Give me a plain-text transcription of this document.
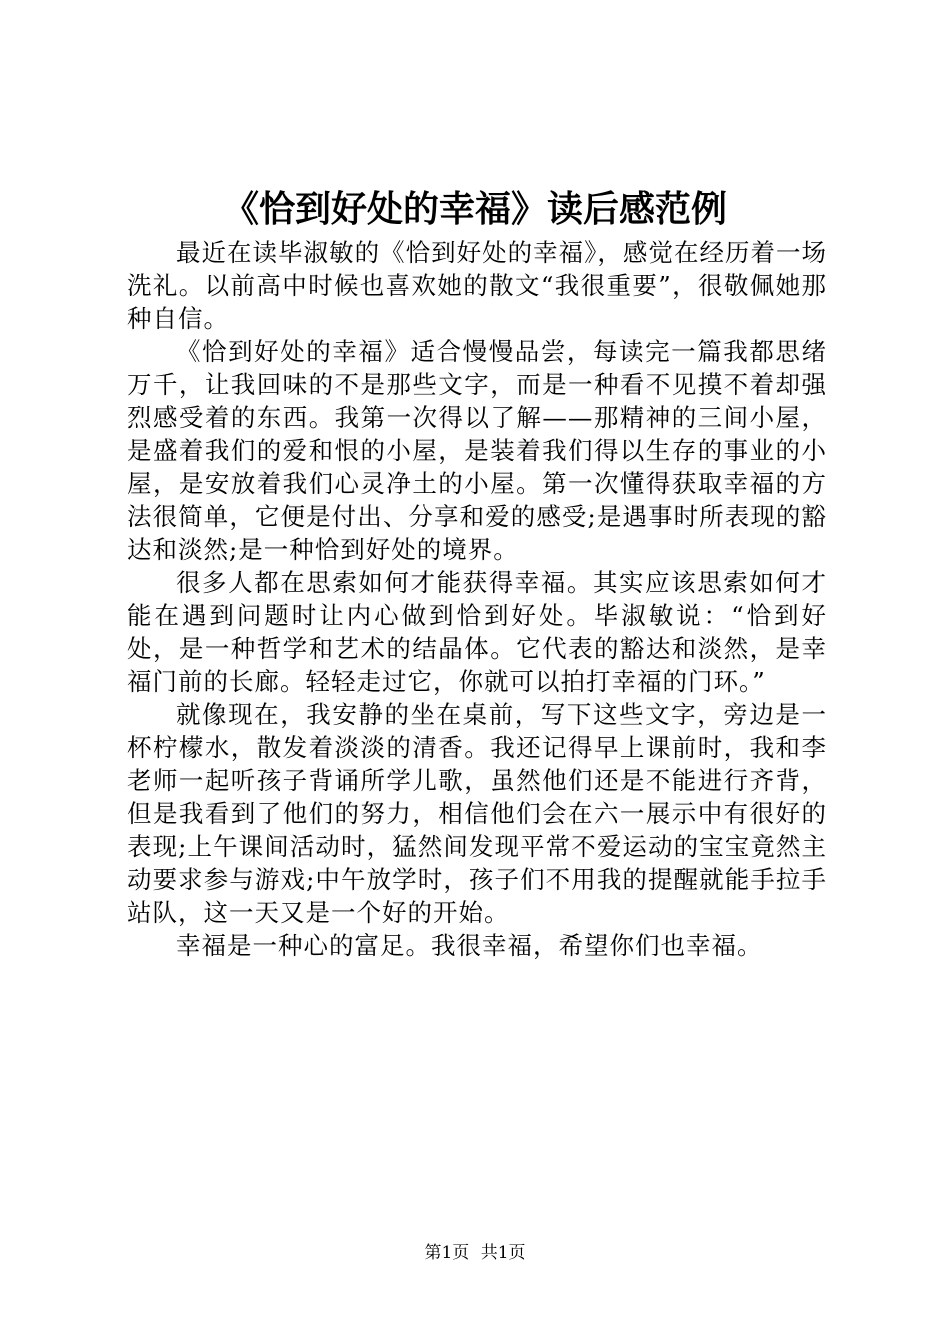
《恰到好处的幸福》读后感范例

最近在读毕淑敏的《恰到好处的幸福》，感觉在经历着一场洗礼。以前高中时候也喜欢她的散文“我很重要”，很敬佩她那种自信。

《恰到好处的幸福》适合慢慢品尝，每读完一篇我都思绪万千，让我回味的不是那些文字，而是一种看不见摸不着却强烈感受着的东西。我第一次得以了解——那精神的三间小屋，是盛着我们的爱和恨的小屋，是装着我们得以生存的事业的小屋，是安放着我们心灵净土的小屋。第一次懂得获取幸福的方法很简单，它便是付出、分享和爱的感受;是遇事时所表现的豁达和淡然;是一种恰到好处的境界。

很多人都在思索如何才能获得幸福。其实应该思索如何才能在遇到问题时让内心做到恰到好处。毕淑敏说：“恰到好处，是一种哲学和艺术的结晶体。它代表的豁达和淡然，是幸福门前的长廊。轻轻走过它，你就可以拍打幸福的门环。”

就像现在，我安静的坐在桌前，写下这些文字，旁边是一杯柠檬水，散发着淡淡的清香。我还记得早上课前时，我和李老师一起听孩子背诵所学儿歌，虽然他们还是不能进行齐背，但是我看到了他们的努力，相信他们会在六一展示中有很好的表现;上午课间活动时，猛然间发现平常不爱运动的宝宝竟然主动要求参与游戏;中午放学时，孩子们不用我的提醒就能手拉手站队，这一天又是一个好的开始。

幸福是一种心的富足。我很幸福，希望你们也幸福。

第1页 共1页
